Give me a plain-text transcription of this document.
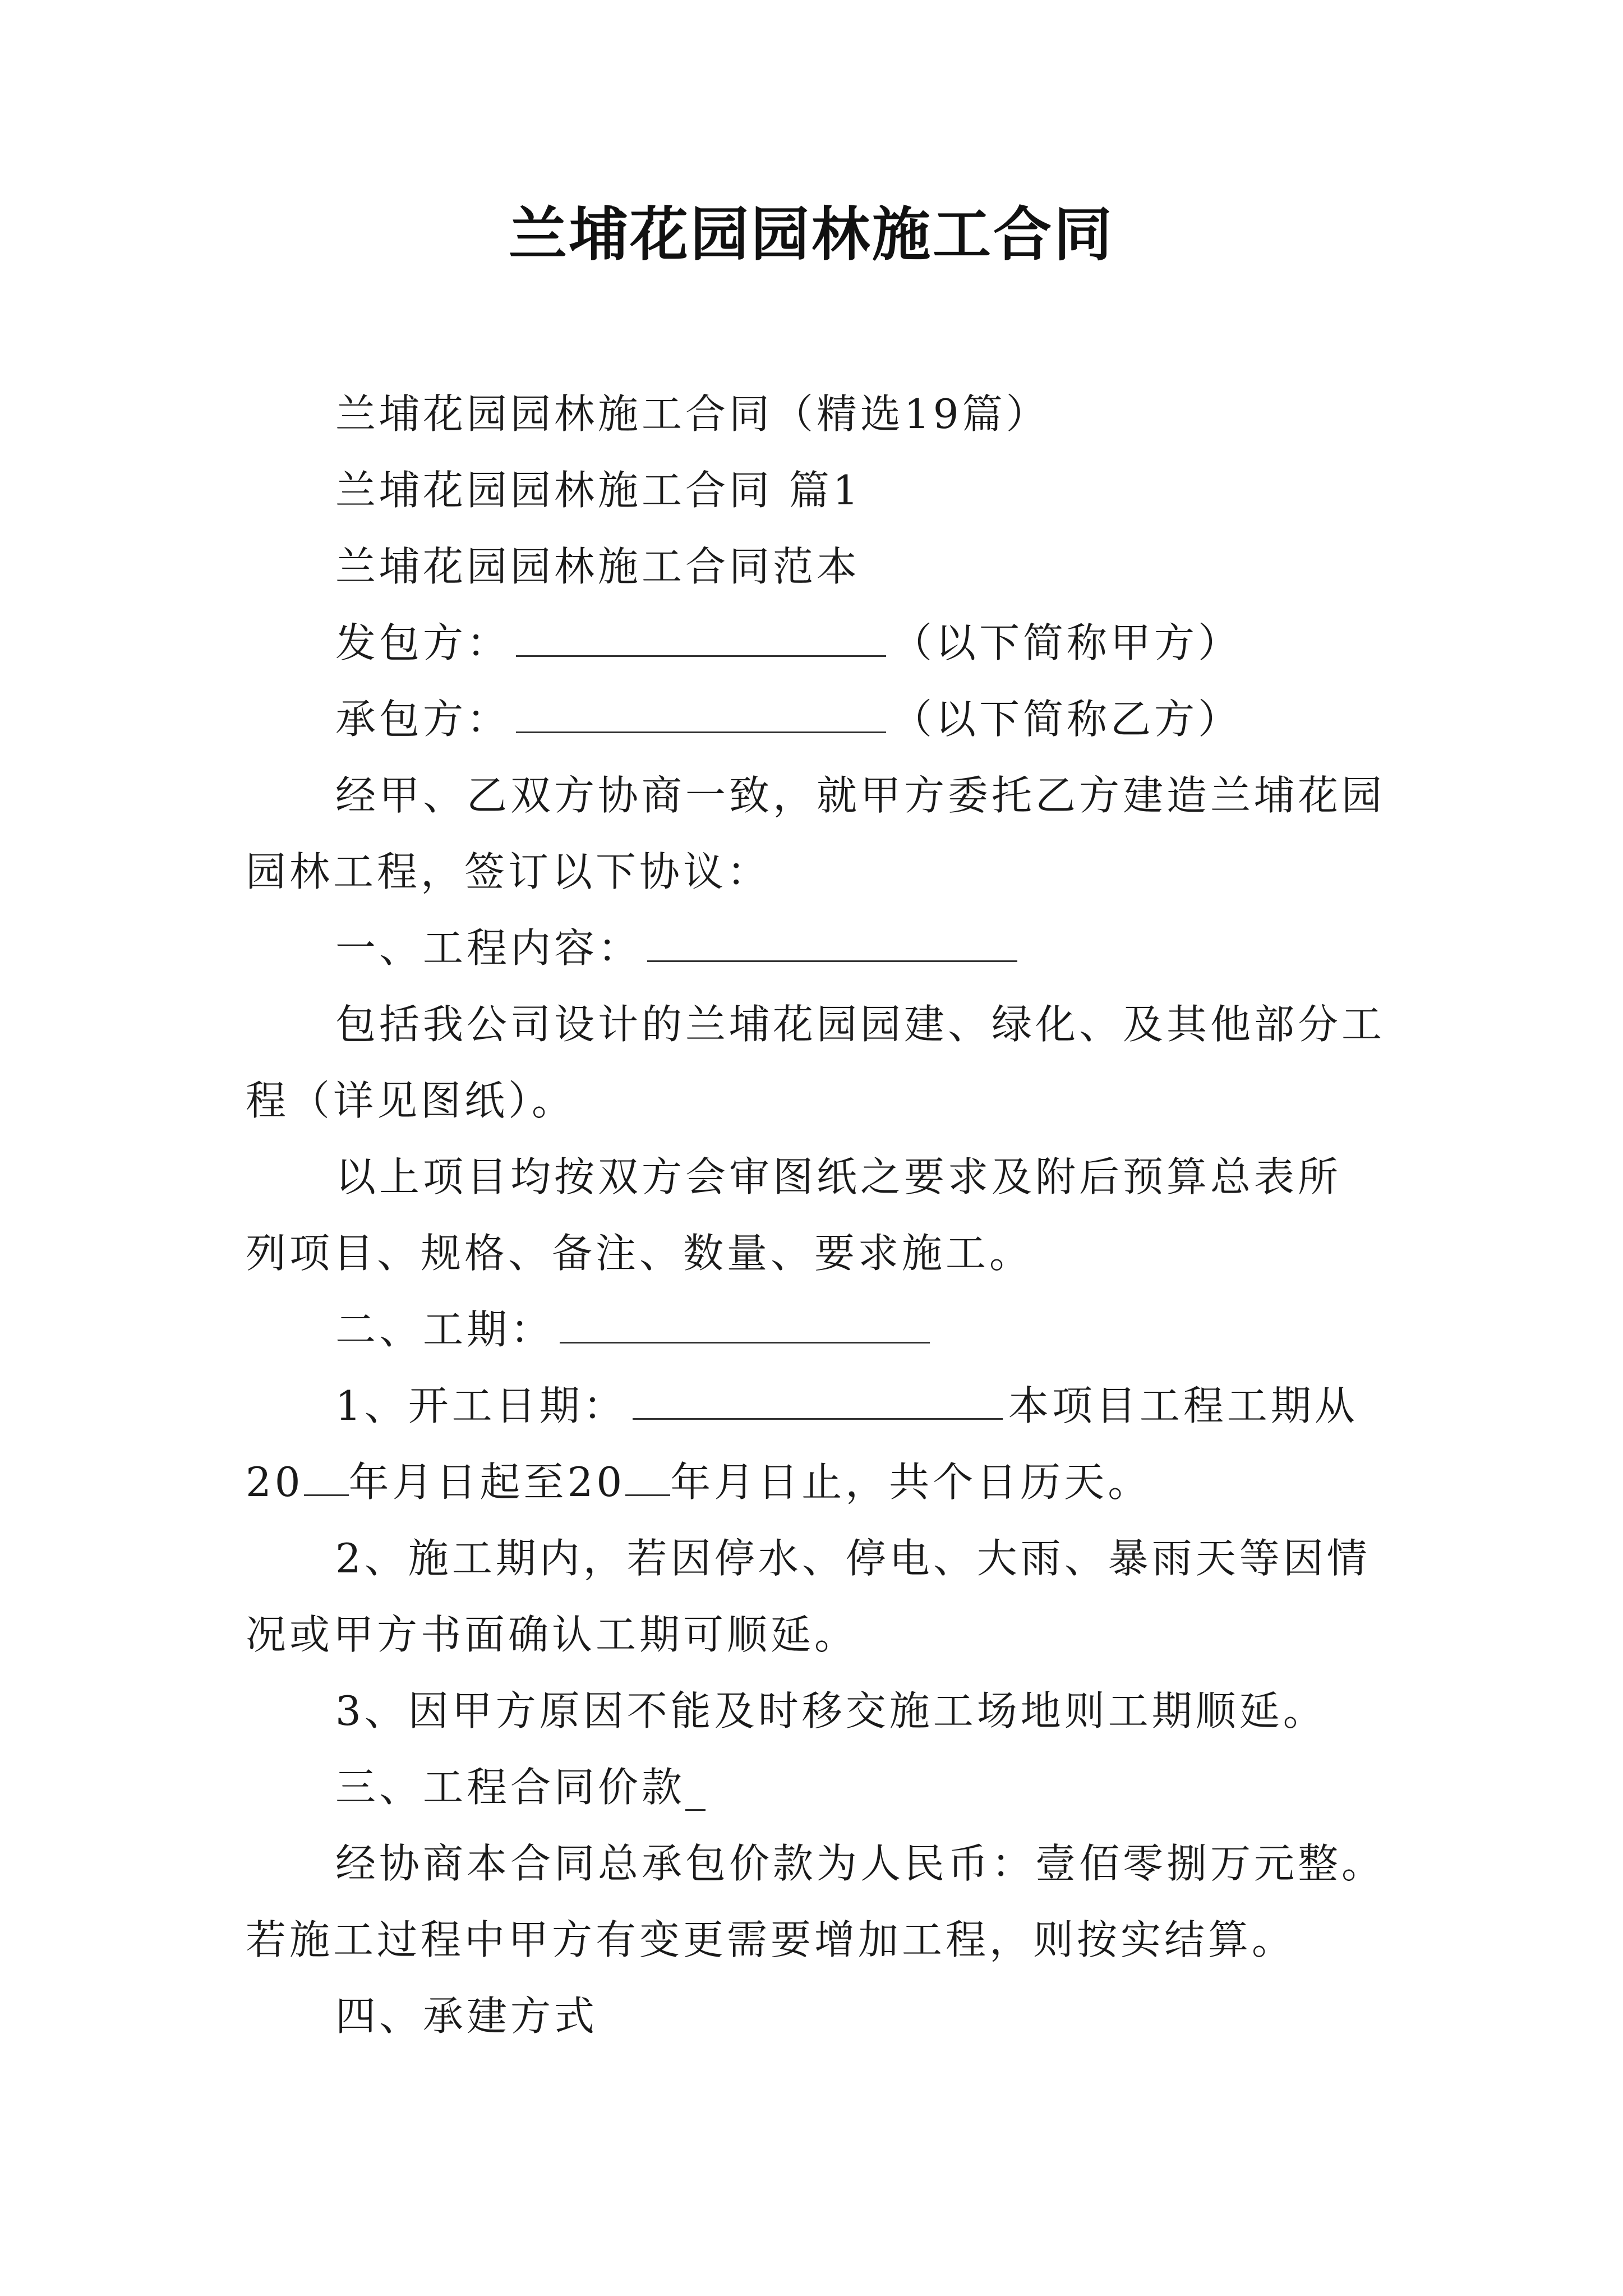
兰埔花园园林施工合同
兰埔花园园林施工合同（精选19篇）
兰埔花园园林施工合同 篇1
兰埔花园园林施工合同范本
发包方：	（以下简称甲方）
承包方：	（以下简称乙方）
经甲、乙双方协商一致，就甲方委托乙方建造兰埔花园
园林工程，签订以下协议：
一、工程内容：
包括我公司设计的兰埔花园园建、绿化、及其他部分工
程（详见图纸）。
以上项目均按双方会审图纸之要求及附后预算总表所
列项目、规格、备注、数量、要求施工。
二、工期：
1、开工日期：	本项目工程工期从
20 年月日起至20 年月日止，共个日历天。
2、施工期内，若因停水、停电、大雨、暴雨天等因情
况或甲方书面确认工期可顺延。
3、因甲方原因不能及时移交施工场地则工期顺延。
三、工程合同价款_
经协商本合同总承包价款为人民币：壹佰零捌万元整。
若施工过程中甲方有变更需要增加工程，则按实结算。
四、承建方式
